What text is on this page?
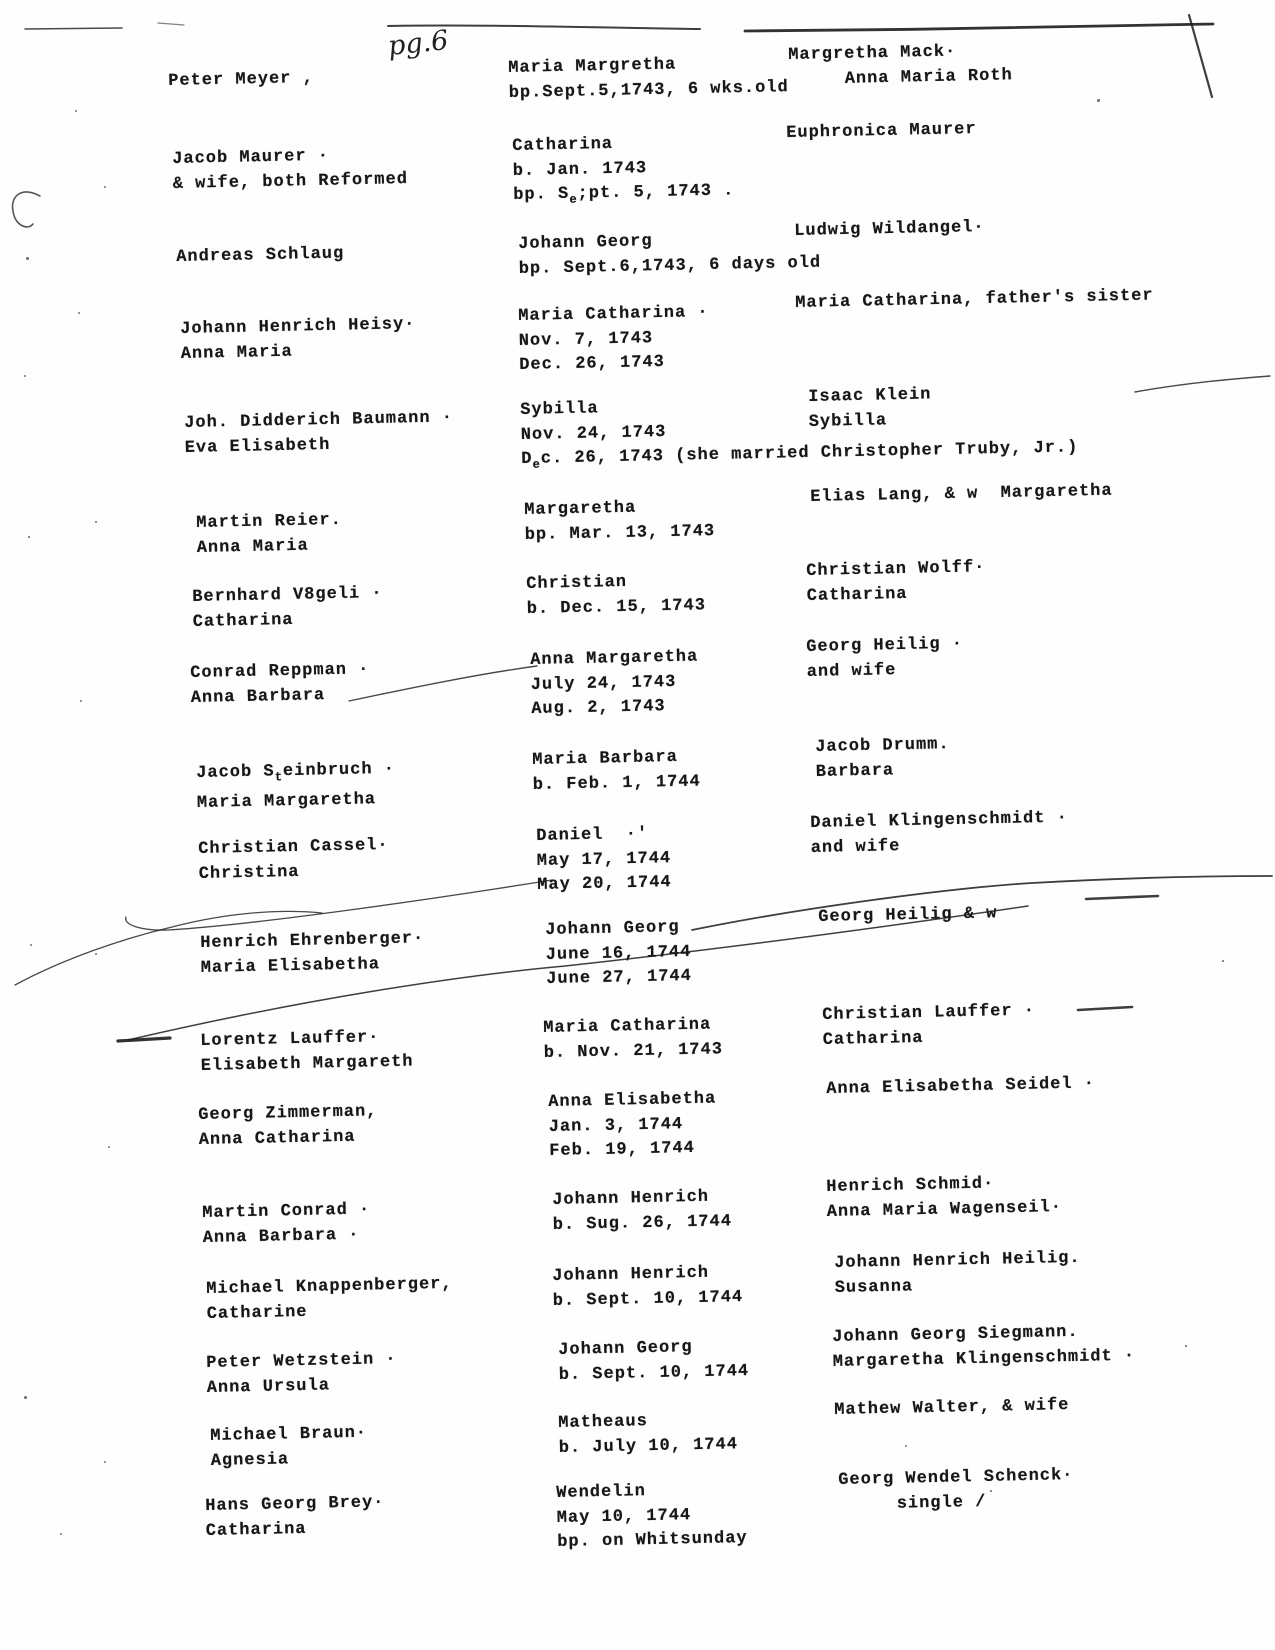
pg.6
Peter Meyer ,
Maria Margretha
bp.Sept.5,1743, 6 wks.old
Margretha Mack·
Anna Maria Roth
Jacob Maurer ·
& wife, both Reformed
Catharina
b. Jan. 1743
bp. $S_e;pt$. 5, 1743 .
Euphronica Maurer
Andreas Schlaug
Johann Georg
bp. Sept.6,1743, 6 days old
Ludwig Wildangel·
Johann Henrich Heisy·
Anna Maria
Maria Catharina ·
Nov. 7, 1743
Dec. 26, 1743
Maria Catharina, father's sister
Joh. Didderich Baumann ·
Eva Elisabeth
Sybilla
Nov. 24, 1743
$D_ec$. 26, 1743 (she married Christopher Truby, Jr.)
Isaac Klein
Sybilla
Martin Reier.
Anna Maria
Margaretha
bp. Mar. 13, 1743
Elias Lang, & w  Margaretha
Bernhard V8geli ·
Catharina
Christian
b. Dec. 15, 1743
Christian Wolff·
Catharina
Conrad Reppman ·
Anna Barbara
Anna Margaretha
July 24, 1743
Aug. 2, 1743
Georg Heilig ·
and wife
Jacob $S_teinbruch$ ·
Maria Margaretha
Maria Barbara
b. Feb. 1, 1744
Jacob Drumm.
Barbara
Christian Cassel·
Christina
Daniel  ·'
May 17, 1744
May 20, 1744
Daniel Klingenschmidt ·
and wife
Henrich Ehrenberger·
Maria Elisabetha
Johann Georg
June 16, 1744
June 27, 1744
Georg Heilig & w
Lorentz Lauffer·
Elisabeth Margareth
Maria Catharina
b. Nov. 21, 1743
Christian Lauffer ·
Catharina
Georg Zimmerman,
Anna Catharina
Anna Elisabetha
Jan. 3, 1744
Feb. 19, 1744
Anna Elisabetha Seidel ·
Martin Conrad ·
Anna Barbara ·
Johann Henrich
b. Sug. 26, 1744
Henrich Schmid·
Anna Maria Wagenseil·
Michael Knappenberger,
Catharine
Johann Henrich
b. Sept. 10, 1744
Johann Henrich Heilig.
Susanna
Peter Wetzstein ·
Anna Ursula
Johann Georg
b. Sept. 10, 1744
Johann Georg Siegmann.
Margaretha Klingenschmidt ·
Michael Braun·
Agnesia
Matheaus
b. July 10, 1744
Mathew Walter, & wife
Hans Georg Brey·
Catharina
Wendelin
May 10, 1744
bp. on Whitsunday
Georg Wendel Schenck·
single /
